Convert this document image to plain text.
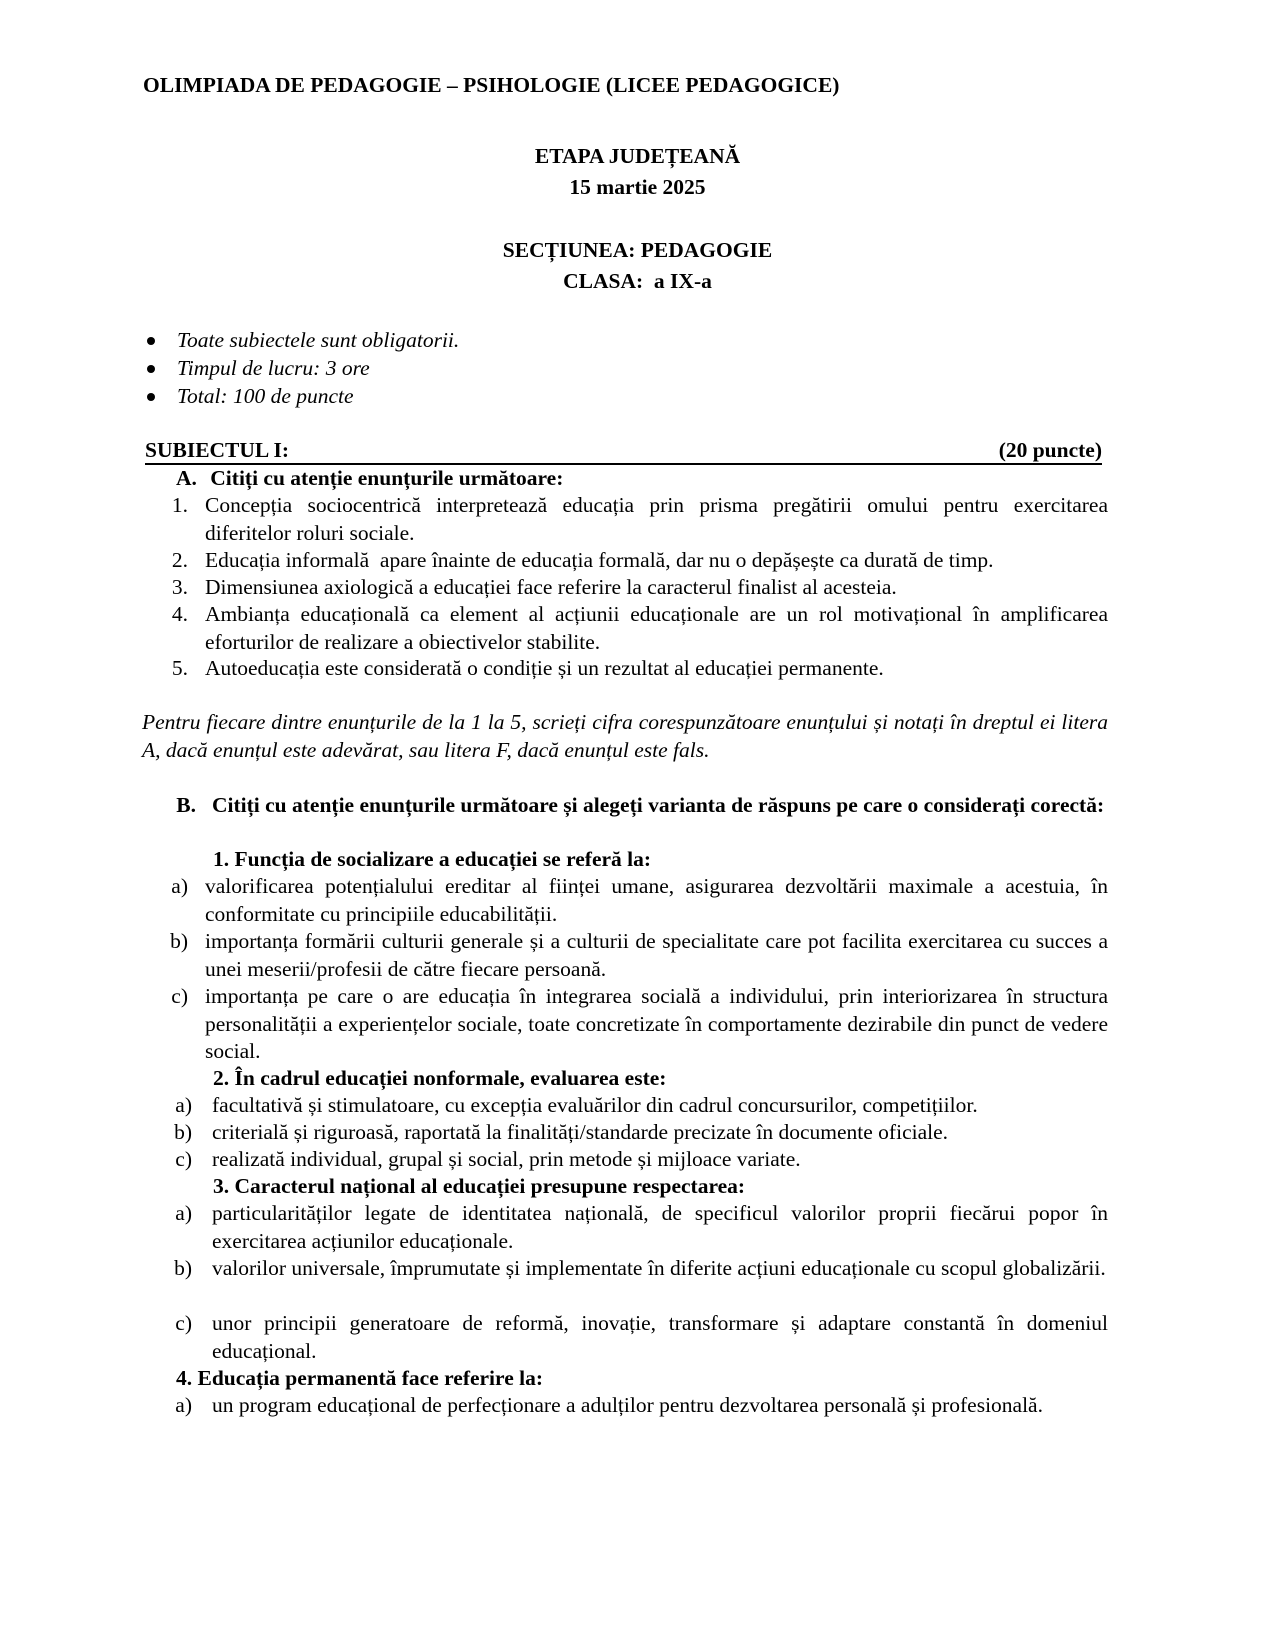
OLIMPIADA DE PEDAGOGIE – PSIHOLOGIE (LICEE PEDAGOGICE)

ETAPA JUDEȚEANĂ

15 martie 2025

SECȚIUNEA: PEDAGOGIE

CLASA:  a IX-a

Toate subiectele sunt obligatorii.
Timpul de lucru: 3 ore
Total: 100 de puncte
SUBIECTUL I:	(20 puncte)
A. Citiți cu atenție enunțurile următoare:
1. Concepția sociocentrică interpretează educația prin prisma pregătirii omului pentru exercitarea diferitelor roluri sociale.
2. Educația informală  apare înainte de educația formală, dar nu o depășește ca durată de timp.
3. Dimensiunea axiologică a educației face referire la caracterul finalist al acesteia.
4. Ambianța educațională ca element al acțiunii educaționale are un rol motivațional în amplificarea eforturilor de realizare a obiectivelor stabilite.
5. Autoeducația este considerată o condiție și un rezultat al educației permanente.

Pentru fiecare dintre enunțurile de la 1 la 5, scrieți cifra corespunzătoare enunțului și notați în dreptul ei litera A, dacă enunțul este adevărat, sau litera F, dacă enunțul este fals.

B. Citiți cu atenție enunțurile următoare și alegeți varianta de răspuns pe care o considerați corectă:

1. Funcția de socializare a educației se referă la:

a) valorificarea potențialului ereditar al ființei umane, asigurarea dezvoltării maximale a acestuia, în conformitate cu principiile educabilității.
b) importanța formării culturii generale și a culturii de specialitate care pot facilita exercitarea cu succes a unei meserii/profesii de către fiecare persoană.
c) importanța pe care o are educația în integrarea socială a individului, prin interiorizarea în structura personalității a experiențelor sociale, toate concretizate în comportamente dezirabile din punct de vedere social.

2. În cadrul educației nonformale, evaluarea este:

a) facultativă și stimulatoare, cu excepția evaluărilor din cadrul concursurilor, competițiilor.
b) criterială și riguroasă, raportată la finalități/standarde precizate în documente oficiale.
c) realizată individual, grupal și social, prin metode și mijloace variate.

3. Caracterul național al educației presupune respectarea:

a) particularităților legate de identitatea națională, de specificul valorilor proprii fiecărui popor în exercitarea acțiunilor educaționale.
b) valorilor universale, împrumutate și implementate în diferite acțiuni educaționale cu scopul globalizării.
c) unor principii generatoare de reformă, inovație, transformare și adaptare constantă în domeniul educațional.

4. Educația permanentă face referire la:

a) un program educațional de perfecționare a adulților pentru dezvoltarea personală și profesională.
